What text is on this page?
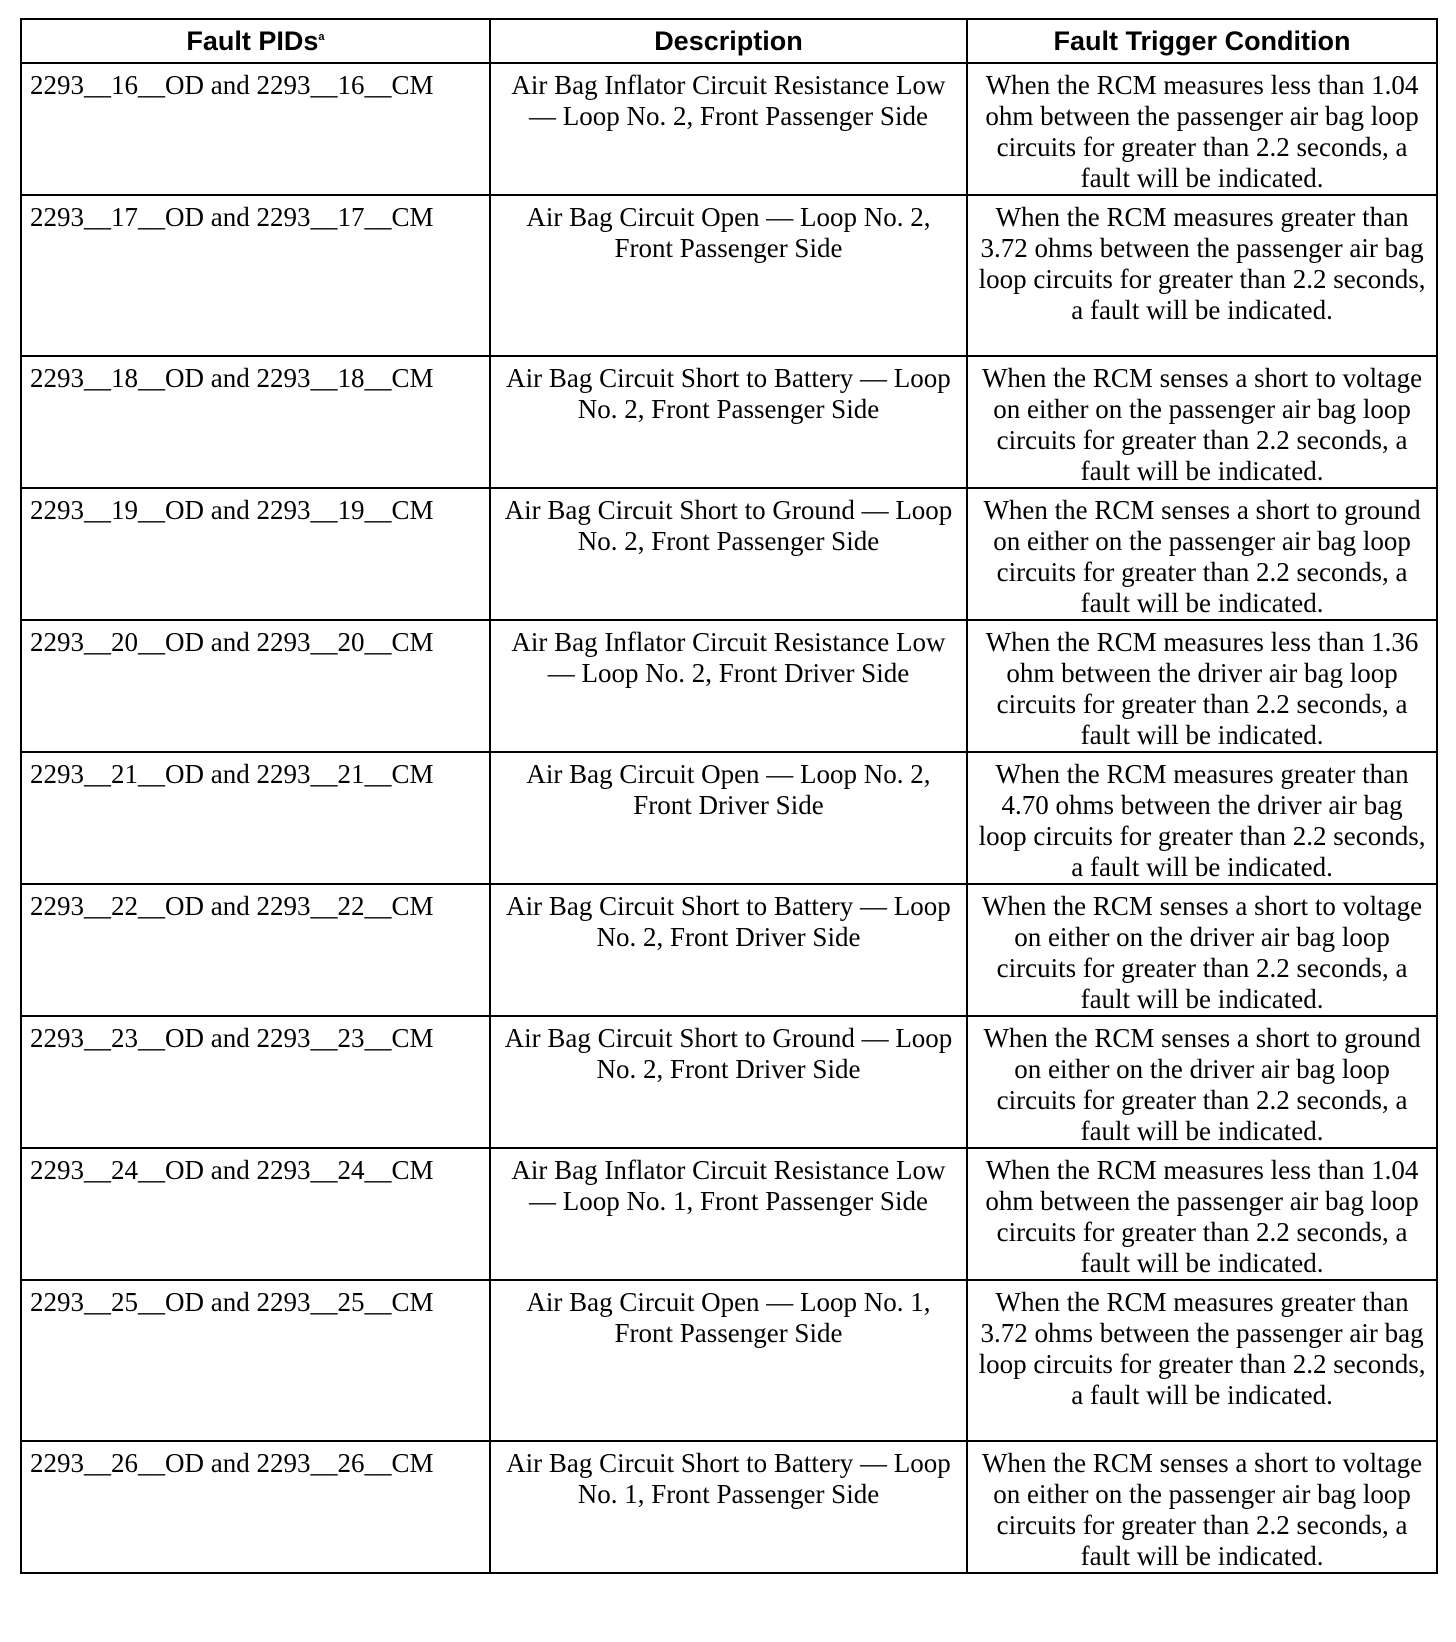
Fault PIDs$^a$	Description	Fault Trigger Condition
2293__16__OD and 2293__16__CM	Air Bag Inflator Circuit Resistance Low — Loop No. 2, Front Passenger Side	When the RCM measures less than 1.04 ohm between the passenger air bag loop circuits for greater than 2.2 seconds, a fault will be indicated.
2293__17__OD and 2293__17__CM	Air Bag Circuit Open — Loop No. 2, Front Passenger Side	When the RCM measures greater than 3.72 ohms between the passenger air bag loop circuits for greater than 2.2 seconds, a fault will be indicated.
2293__18__OD and 2293__18__CM	Air Bag Circuit Short to Battery — Loop No. 2, Front Passenger Side	When the RCM senses a short to voltage on either on the passenger air bag loop circuits for greater than 2.2 seconds, a fault will be indicated.
2293__19__OD and 2293__19__CM	Air Bag Circuit Short to Ground — Loop No. 2, Front Passenger Side	When the RCM senses a short to ground on either on the passenger air bag loop circuits for greater than 2.2 seconds, a fault will be indicated.
2293__20__OD and 2293__20__CM	Air Bag Inflator Circuit Resistance Low — Loop No. 2, Front Driver Side	When the RCM measures less than 1.36 ohm between the driver air bag loop circuits for greater than 2.2 seconds, a fault will be indicated.
2293__21__OD and 2293__21__CM	Air Bag Circuit Open — Loop No. 2, Front Driver Side	When the RCM measures greater than 4.70 ohms between the driver air bag loop circuits for greater than 2.2 seconds, a fault will be indicated.
2293__22__OD and 2293__22__CM	Air Bag Circuit Short to Battery — Loop No. 2, Front Driver Side	When the RCM senses a short to voltage on either on the driver air bag loop circuits for greater than 2.2 seconds, a fault will be indicated.
2293__23__OD and 2293__23__CM	Air Bag Circuit Short to Ground — Loop No. 2, Front Driver Side	When the RCM senses a short to ground on either on the driver air bag loop circuits for greater than 2.2 seconds, a fault will be indicated.
2293__24__OD and 2293__24__CM	Air Bag Inflator Circuit Resistance Low — Loop No. 1, Front Passenger Side	When the RCM measures less than 1.04 ohm between the passenger air bag loop circuits for greater than 2.2 seconds, a fault will be indicated.
2293__25__OD and 2293__25__CM	Air Bag Circuit Open — Loop No. 1, Front Passenger Side	When the RCM measures greater than 3.72 ohms between the passenger air bag loop circuits for greater than 2.2 seconds, a fault will be indicated.
2293__26__OD and 2293__26__CM	Air Bag Circuit Short to Battery — Loop No. 1, Front Passenger Side	When the RCM senses a short to voltage on either on the passenger air bag loop circuits for greater than 2.2 seconds, a fault will be indicated.
